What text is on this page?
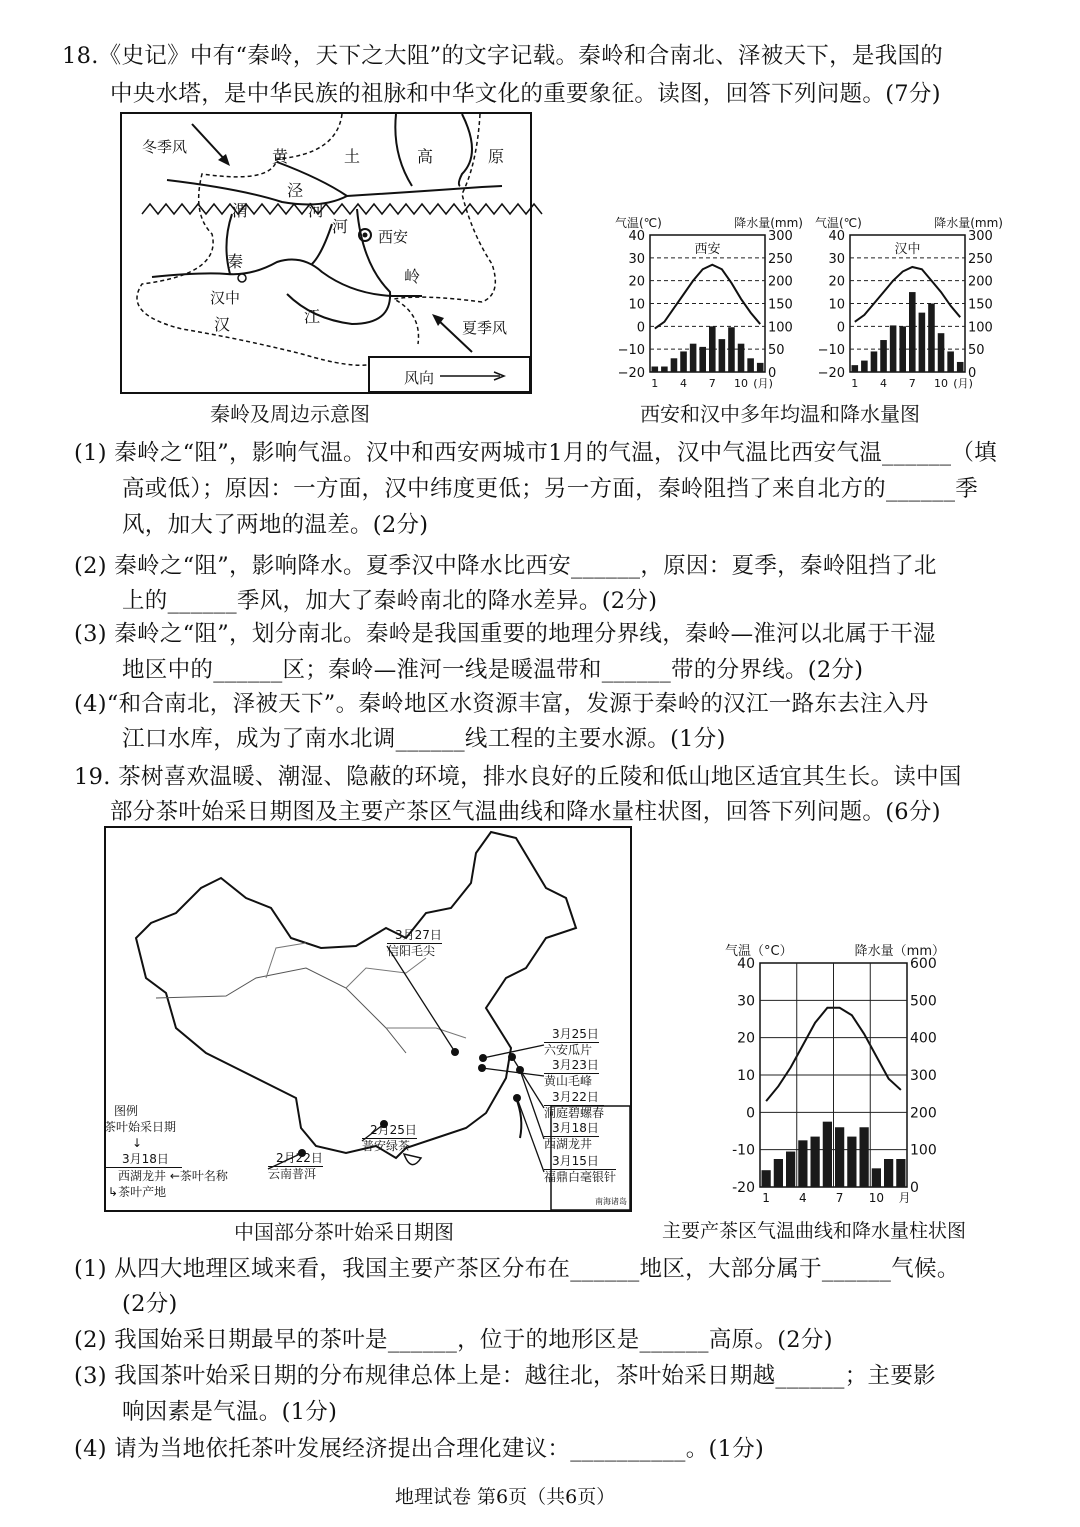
18.《史记》中有“秦岭，天下之大阻”的文字记载。秦岭和合南北、泽被天下，是我国的
中央水塔，是中华民族的祖脉和中华文化的重要象征。读图，回答下列问题。(7分)
冬季风	黄	土	高	原
泾
河
渭
河
西安
秦
岭
汉中
汉	江
夏季风
风向
秦岭及周边示意图
40
30
20
10
0
−10
−20
300
250
200
150
100
50
0
气温(℃)	降水量(mm)
西安
1 4 7 10 (月)
40
30
20
10
0
−10
−20
300
250
200
150
100
50
0
气温(℃)	降水量(mm)
汉中
1 4 7 10 (月)
西安和汉中多年均温和降水量图
(1) 秦岭之“阻”，影响气温。汉中和西安两城市1月的气温，汉中气温比西安气温______（填
高或低）；原因：一方面，汉中纬度更低；另一方面，秦岭阻挡了来自北方的______季
风，加大了两地的温差。(2分)
(2) 秦岭之“阻”，影响降水。夏季汉中降水比西安______，原因：夏季，秦岭阻挡了北
上的______季风，加大了秦岭南北的降水差异。(2分)
(3) 秦岭之“阻”，划分南北。秦岭是我国重要的地理分界线，秦岭—淮河以北属于干湿
地区中的______区；秦岭—淮河一线是暖温带和______带的分界线。(2分)
(4)“和合南北，泽被天下”。秦岭地区水资源丰富，发源于秦岭的汉江一路东去注入丹
江口水库，成为了南水北调______线工程的主要水源。(1分)
19. 茶树喜欢温暖、潮湿、隐蔽的环境，排水良好的丘陵和低山地区适宜其生长。读中国
部分茶叶始采日期图及主要产茶区气温曲线和降水量柱状图，回答下列问题。(6分)
3月27日
信阳毛尖
3月25日
六安瓜片
3月23日
黄山毛峰
3月22日
洞庭碧螺春
3月18日
西湖龙井
3月15日
福鼎白毫银针
2月25日
普安绿茶
2月22日
云南普洱
图例
茶叶始采日期
↓
3月18日
西湖龙井 ←茶叶名称
↳茶叶产地
南海诸岛
中国部分茶叶始采日期图
40
30
20
10
0
-10
-20
600
500
400
300
200
100
0
气温（°C）	降水量（mm）
1 4 7 10 月
主要产茶区气温曲线和降水量柱状图
(1) 从四大地理区域来看，我国主要产茶区分布在______地区，大部分属于______气候。
(2分)
(2) 我国始采日期最早的茶叶是______，位于的地形区是______高原。(2分)
(3) 我国茶叶始采日期的分布规律总体上是：越往北，茶叶始采日期越______；主要影
响因素是气温。(1分)
(4) 请为当地依托茶叶发展经济提出合理化建议：__________。(1分)
地理试卷 第6页（共6页）
